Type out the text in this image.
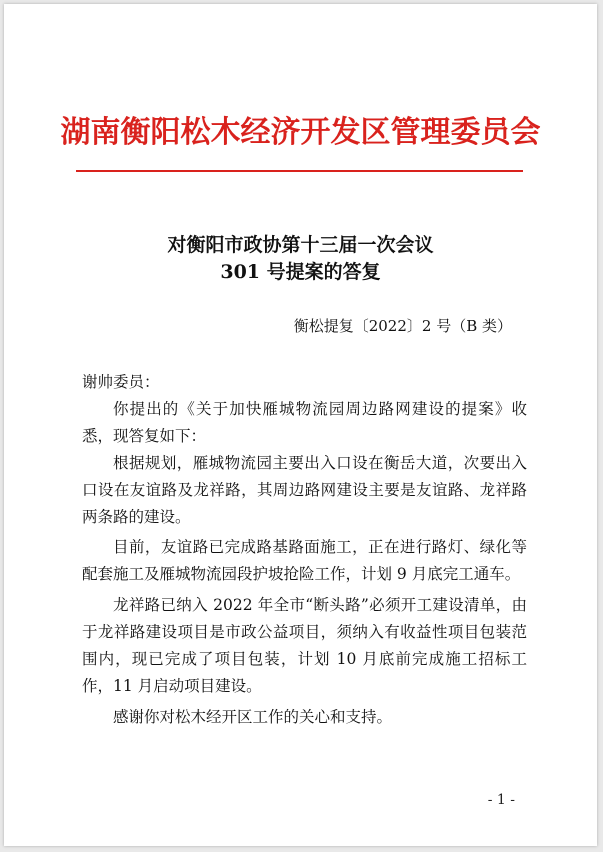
湖南衡阳松木经济开发区管理委员会
对衡阳市政协第十三届一次会议
301 号提案的答复
衡松提复〔2022〕2 号（B 类）
谢帅委员：

你提出的《关于加快雁城物流园周边路网建设的提案》收悉，现答复如下：

根据规划，雁城物流园主要出入口设在衡岳大道，次要出入口设在友谊路及龙祥路，其周边路网建设主要是友谊路、龙祥路两条路的建设。

目前，友谊路已完成路基路面施工，正在进行路灯、绿化等配套施工及雁城物流园段护坡抢险工作，计划 9 月底完工通车。

龙祥路已纳入 2022 年全市“断头路”必须开工建设清单，由于龙祥路建设项目是市政公益项目，须纳入有收益性项目包装范围内，现已完成了项目包装，计划 10 月底前完成施工招标工作，11 月启动项目建设。

感谢你对松木经开区工作的关心和支持。

- 1 -
